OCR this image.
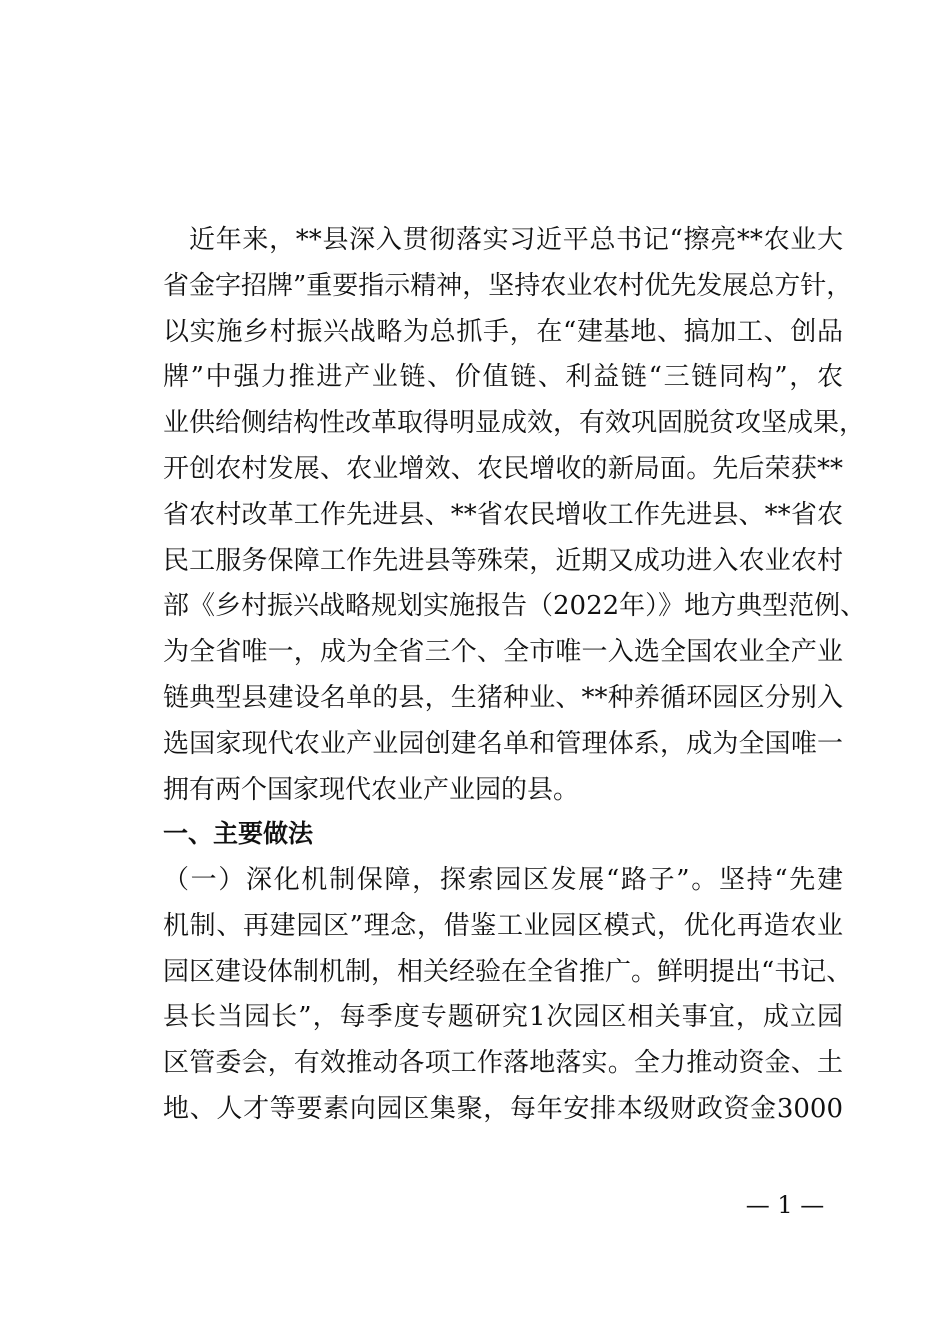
近年来，**县深入贯彻落实习近平总书记“擦亮**农业大
省金字招牌”重要指示精神，坚持农业农村优先发展总方针，
以实施乡村振兴战略为总抓手，在“建基地、搞加工、创品
牌”中强力推进产业链、价值链、利益链“三链同构”，农
业供给侧结构性改革取得明显成效，有效巩固脱贫攻坚成果，
开创农村发展、农业增效、农民增收的新局面。先后荣获**
省农村改革工作先进县、**省农民增收工作先进县、**省农
民工服务保障工作先进县等殊荣，近期又成功进入农业农村
部《乡村振兴战略规划实施报告（2022年）》地方典型范例、
为全省唯一，成为全省三个、全市唯一入选全国农业全产业
链典型县建设名单的县，生猪种业、**种养循环园区分别入
选国家现代农业产业园创建名单和管理体系，成为全国唯一
拥有两个国家现代农业产业园的县。
一、主要做法
（一）深化机制保障，探索园区发展“路子”。坚持“先建
机制、再建园区”理念，借鉴工业园区模式，优化再造农业
园区建设体制机制，相关经验在全省推广。鲜明提出“书记、
县长当园长”，每季度专题研究1次园区相关事宜，成立园
区管委会，有效推动各项工作落地落实。全力推动资金、土
地、人才等要素向园区集聚，每年安排本级财政资金3000
— 1 —
